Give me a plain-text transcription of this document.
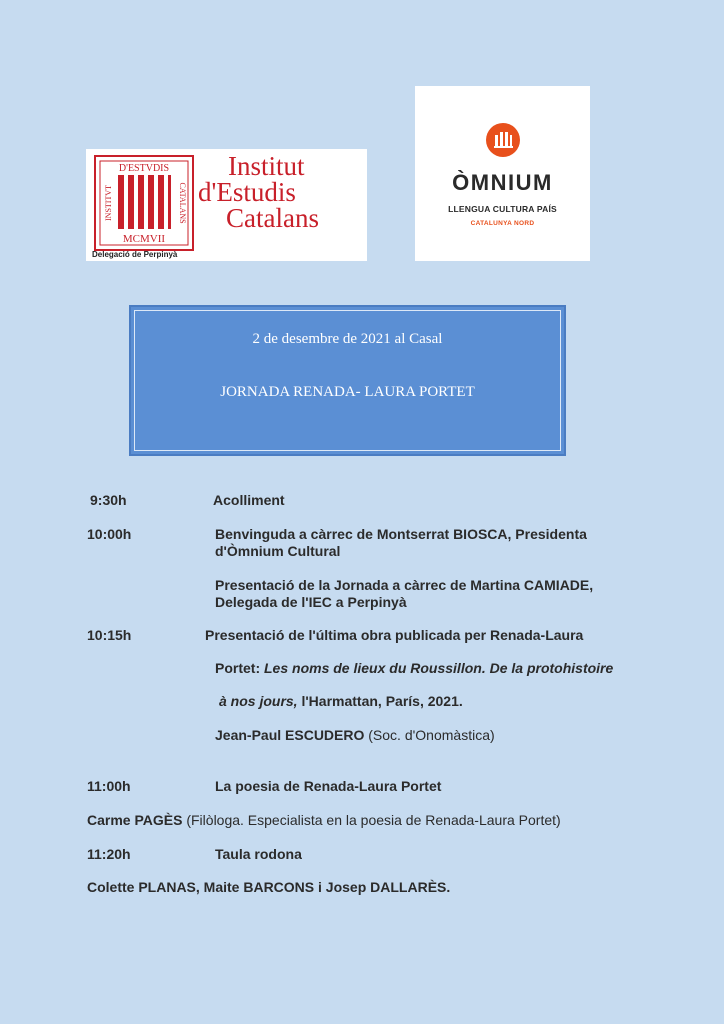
D'ESTVDIS
MCMVII
INSTITVT	CATALANS
Institut
d'Estudis
Catalans
Delegació de Perpinyà
ÒMNIUM
LLENGUA CULTURA PAÍS
CATALUNYA NORD
2 de desembre de 2021 al Casal
JORNADA RENADA- LAURA PORTET
9:30h	Acolliment
10:00h	Benvinguda a càrrec de Montserrat BIOSCA, Presidenta
d'Òmnium Cultural
Presentació de la Jornada a càrrec de Martina CAMIADE,
Delegada de l'IEC a Perpinyà
10:15h	Presentació de l'última obra publicada per Renada-Laura
Portet: Les noms de lieux du Roussillon. De la protohistoire
à nos jours, l'Harmattan, París, 2021.
Jean-Paul ESCUDERO (Soc. d'Onomàstica)
11:00h	La poesia de Renada-Laura Portet
Carme PAGÈS (Filòloga. Especialista en la poesia de Renada-Laura Portet)
11:20h	Taula rodona
Colette PLANAS, Maite BARCONS i Josep DALLARÈS.
